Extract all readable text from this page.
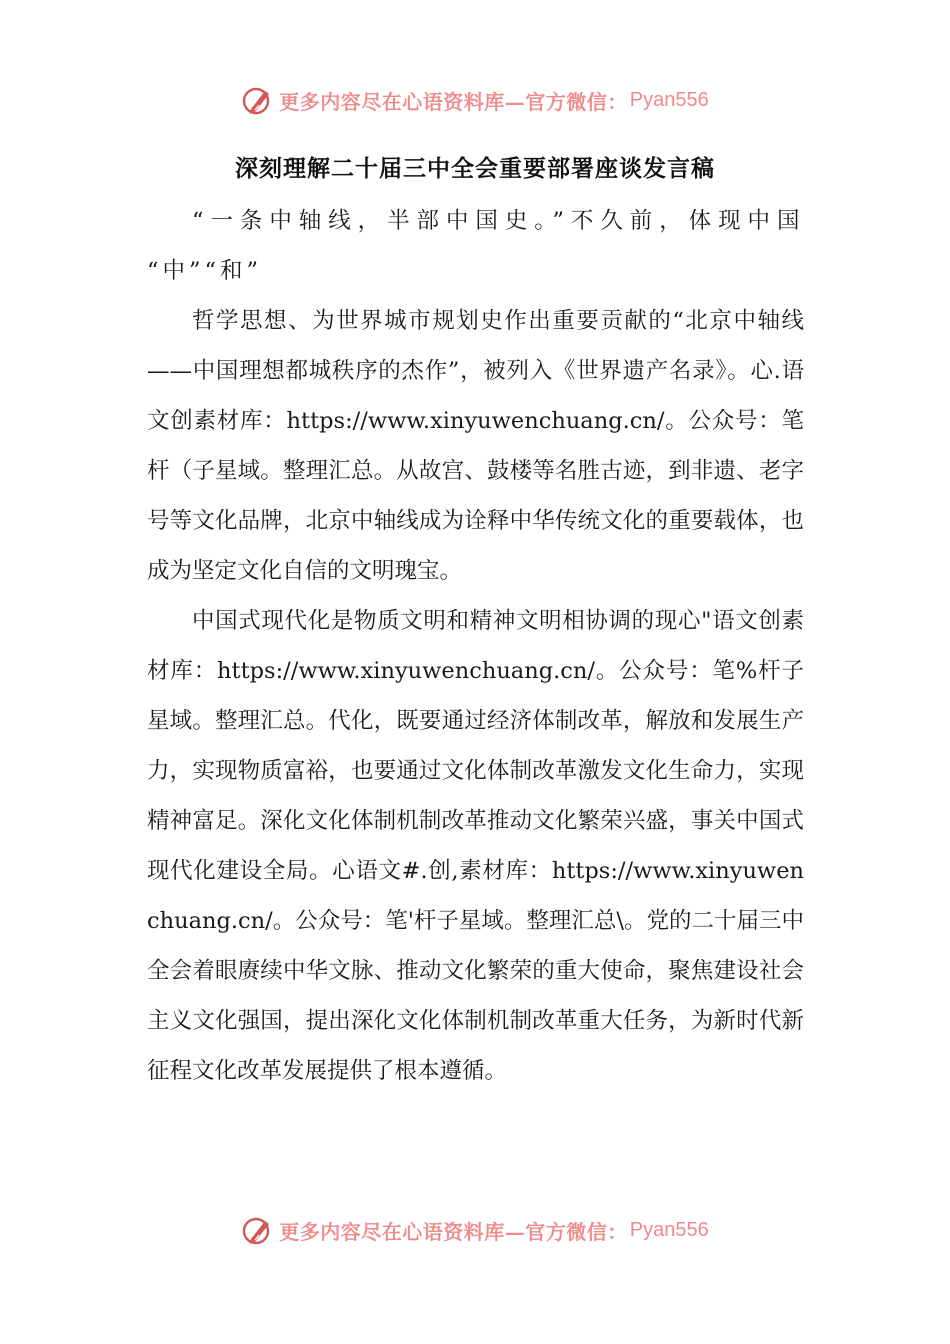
更多内容尽在心语资料库—官方微信： Pyan556
深刻理解二十届三中全会重要部署座谈发言稿

“一条中轴线，半部中国史。”不久前，体现中国

“中”“和”

哲学思想、为世界城市规划史作出重要贡献的“北京中轴线——中国理想都城秩序的杰作”，被列入《世界遗产名录》。心.语文创素材库：https://www.xinyuwenchuang.cn/。公众号：笔杆（子星域。整理汇总。从故宫、鼓楼等名胜古迹，到非遗、老字号等文化品牌，北京中轴线成为诠释中华传统文化的重要载体，也成为坚定文化自信的文明瑰宝。

中国式现代化是物质文明和精神文明相协调的现心"语文创素材库：https://www.xinyuwenchuang.cn/。公众号：笔%杆子星域。整理汇总。代化，既要通过经济体制改革，解放和发展生产力，实现物质富裕，也要通过文化体制改革激发文化生命力，实现精神富足。深化文化体制机制改革推动文化繁荣兴盛，事关中国式现代化建设全局。心语文#.创,素材库：https://www.xinyuwenchuang.cn/。公众号：笔'杆子星域。整理汇总\。党的二十届三中全会着眼赓续中华文脉、推动文化繁荣的重大使命，聚焦建设社会主义文化强国，提出深化文化体制机制改革重大任务，为新时代新征程文化改革发展提供了根本遵循。

更多内容尽在心语资料库—官方微信： Pyan556
